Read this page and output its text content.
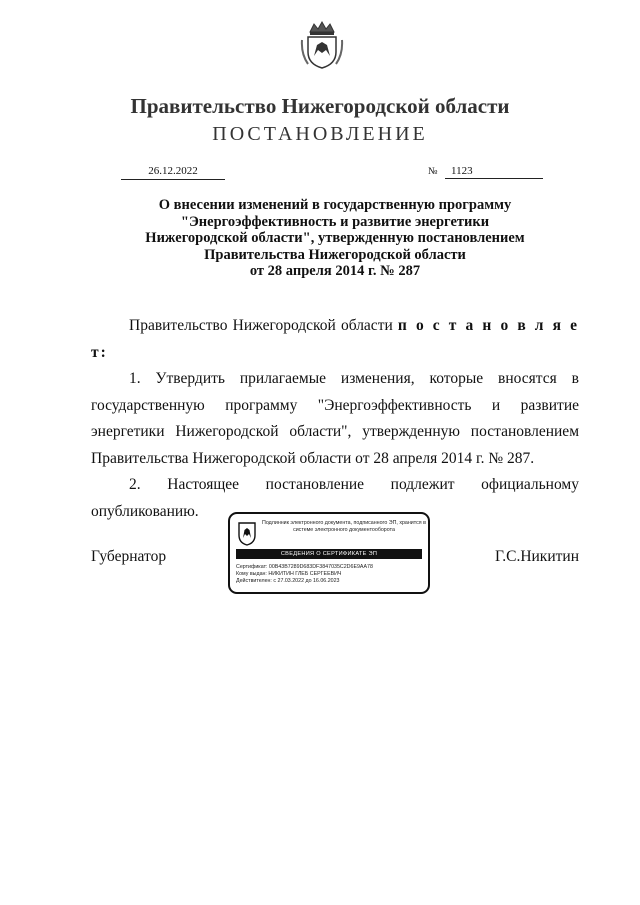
Правительство Нижегородской области
ПОСТАНОВЛЕНИЕ
26.12.2022	№	1123
О внесении изменений в государственную программу
"Энергоэффективность и развитие энергетики
Нижегородской области", утвержденную постановлением
Правительства Нижегородской области
от 28 апреля 2014 г. № 287

Правительство Нижегородской области п о с т а н о в л я е т:

1. Утвердить прилагаемые изменения, которые вносятся в государственную программу "Энергоэффективность и развитие энергетики Нижегородской области", утвержденную постановлением Правительства Нижегородской области от 28 апреля 2014 г. № 287.

2. Настоящее постановление подлежит официальному опубликованию.

Губернатор	Г.С.Никитин
Подлинник электронного документа, подписанного ЭП, хранится в системе электронного документооборота
СВЕДЕНИЯ О СЕРТИФИКАТЕ ЭП
Сертификат: 00B43B7289D683DF3847035C2D6E9AA78
Кому выдан: НИКИТИН ГЛЕБ СЕРГЕЕВИЧ
Действителен: с 27.03.2022 до 16.06.2023
